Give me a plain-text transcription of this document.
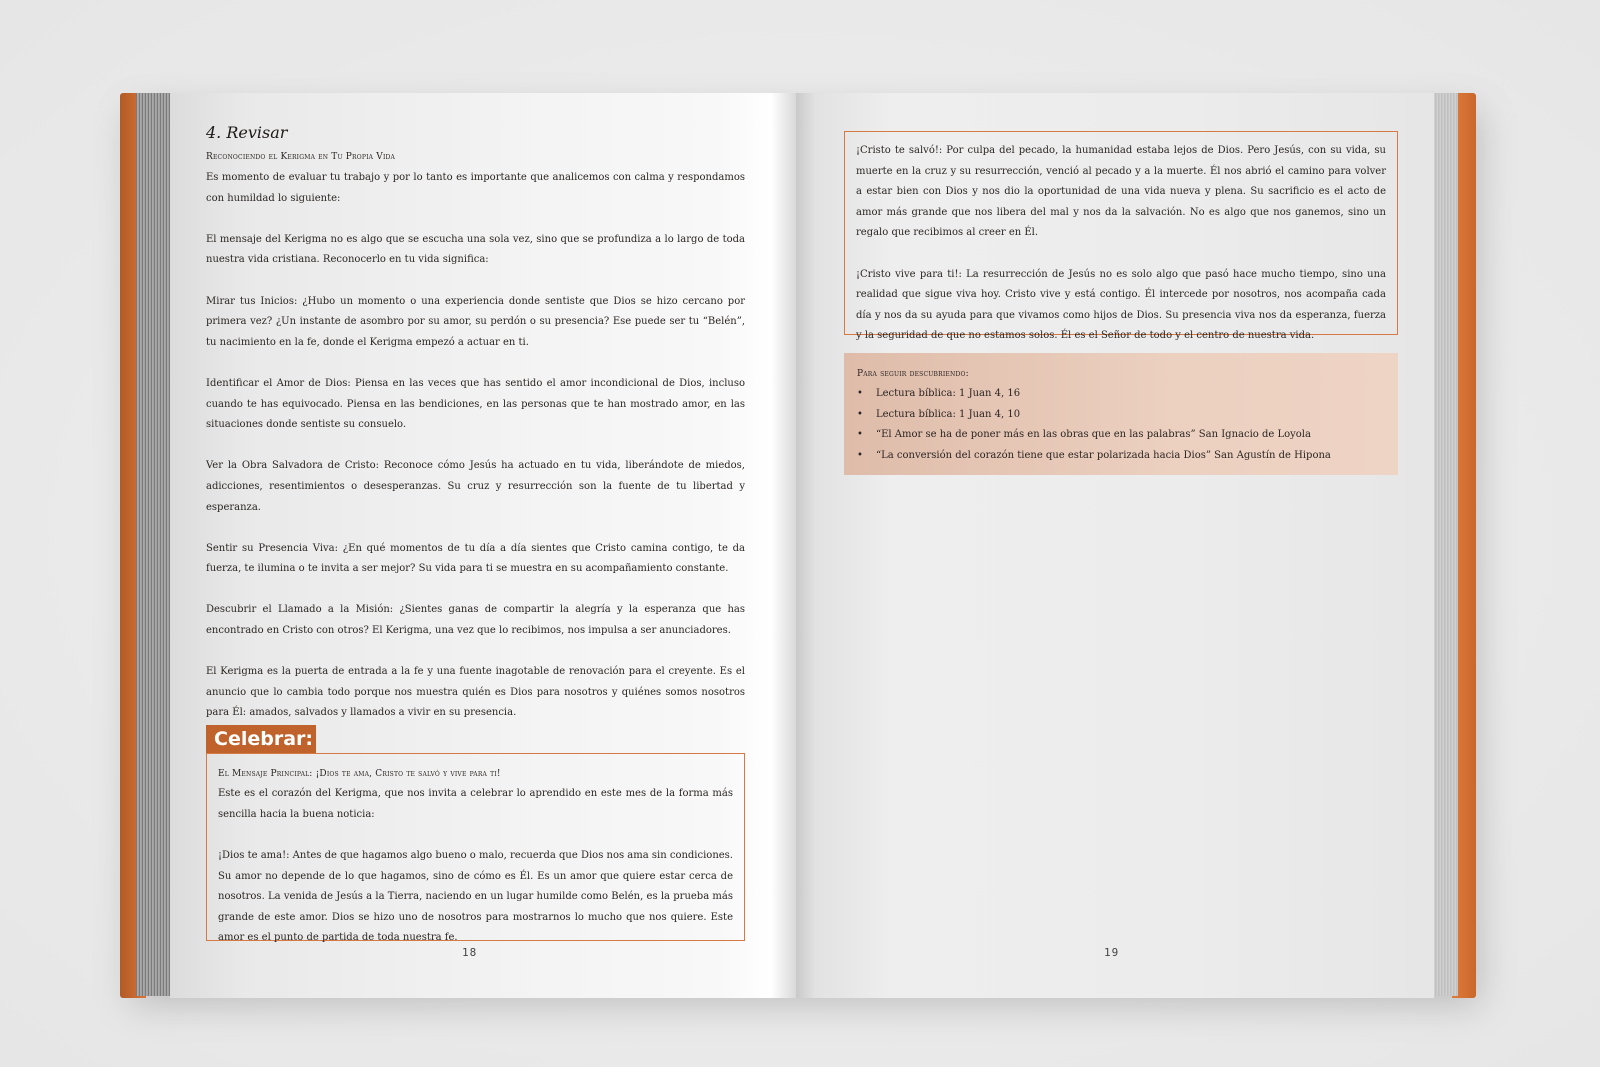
4. Revisar
Reconociendo el Kerigma en Tu Propia Vida

Es momento de evaluar tu trabajo y por lo tanto es importante que analicemos con calma y respondamos con humildad lo siguiente:

El mensaje del Kerigma no es algo que se escucha una sola vez, sino que se profundiza a lo largo de toda nuestra vida cristiana. Reconocerlo en tu vida significa:

Mirar tus Inicios: ¿Hubo un momento o una experiencia donde sentiste que Dios se hizo cercano por primera vez? ¿Un instante de asombro por su amor, su perdón o su presencia? Ese puede ser tu “Belén”, tu nacimiento en la fe, donde el Kerigma empezó a actuar en ti.

Identificar el Amor de Dios: Piensa en las veces que has sentido el amor incondicional de Dios, incluso cuando te has equivocado. Piensa en las bendiciones, en las personas que te han mostrado amor, en las situaciones donde sentiste su consuelo.

Ver la Obra Salvadora de Cristo: Reconoce cómo Jesús ha actuado en tu vida, liberándote de miedos, adicciones, resentimientos o desesperanzas. Su cruz y resurrección son la fuente de tu libertad y esperanza.

Sentir su Presencia Viva: ¿En qué momentos de tu día a día sientes que Cristo camina contigo, te da fuerza, te ilumina o te invita a ser mejor? Su vida para ti se muestra en su acompañamiento constante.

Descubrir el Llamado a la Misión: ¿Sientes ganas de compartir la alegría y la esperanza que has encontrado en Cristo con otros? El Kerigma, una vez que lo recibimos, nos impulsa a ser anunciadores.

El Kerigma es la puerta de entrada a la fe y una fuente inagotable de renovación para el creyente. Es el anuncio que lo cambia todo porque nos muestra quién es Dios para nosotros y quiénes somos nosotros para Él: amados, salvados y llamados a vivir en su presencia.

Celebrar:
El Mensaje Principal: ¡Dios te ama, Cristo te salvó y vive para ti!
Este es el corazón del Kerigma, que nos invita a celebrar lo aprendido en este mes de la forma más sencilla hacia la buena noticia:
¡Dios te ama!: Antes de que hagamos algo bueno o malo, recuerda que Dios nos ama sin condiciones. Su amor no depende de lo que hagamos, sino de cómo es Él. Es un amor que quiere estar cerca de nosotros. La venida de Jesús a la Tierra, naciendo en un lugar humilde como Belén, es la prueba más grande de este amor. Dios se hizo uno de nosotros para mostrarnos lo mucho que nos quiere. Este amor es el punto de partida de toda nuestra fe.
18

¡Cristo te salvó!: Por culpa del pecado, la humanidad estaba lejos de Dios. Pero Jesús, con su vida, su muerte en la cruz y su resurrección, venció al pecado y a la muerte. Él nos abrió el camino para volver a estar bien con Dios y nos dio la oportunidad de una vida nueva y plena. Su sacrificio es el acto de amor más grande que nos libera del mal y nos da la salvación. No es algo que nos ganemos, sino un regalo que recibimos al creer en Él.

¡Cristo vive para ti!: La resurrección de Jesús no es solo algo que pasó hace mucho tiempo, sino una realidad que sigue viva hoy. Cristo vive y está contigo. Él intercede por nosotros, nos acompaña cada día y nos da su ayuda para que vivamos como hijos de Dios. Su presencia viva nos da esperanza, fuerza y la seguridad de que no estamos solos. Él es el Señor de todo y el centro de nuestra vida.

Para seguir descubriendo:
• Lectura bíblica: 1 Juan 4, 16
• Lectura bíblica: 1 Juan 4, 10
• “El Amor se ha de poner más en las obras que en las palabras” San Ignacio de Loyola
• “La conversión del corazón tiene que estar polarizada hacia Dios” San Agustín de Hipona
19
